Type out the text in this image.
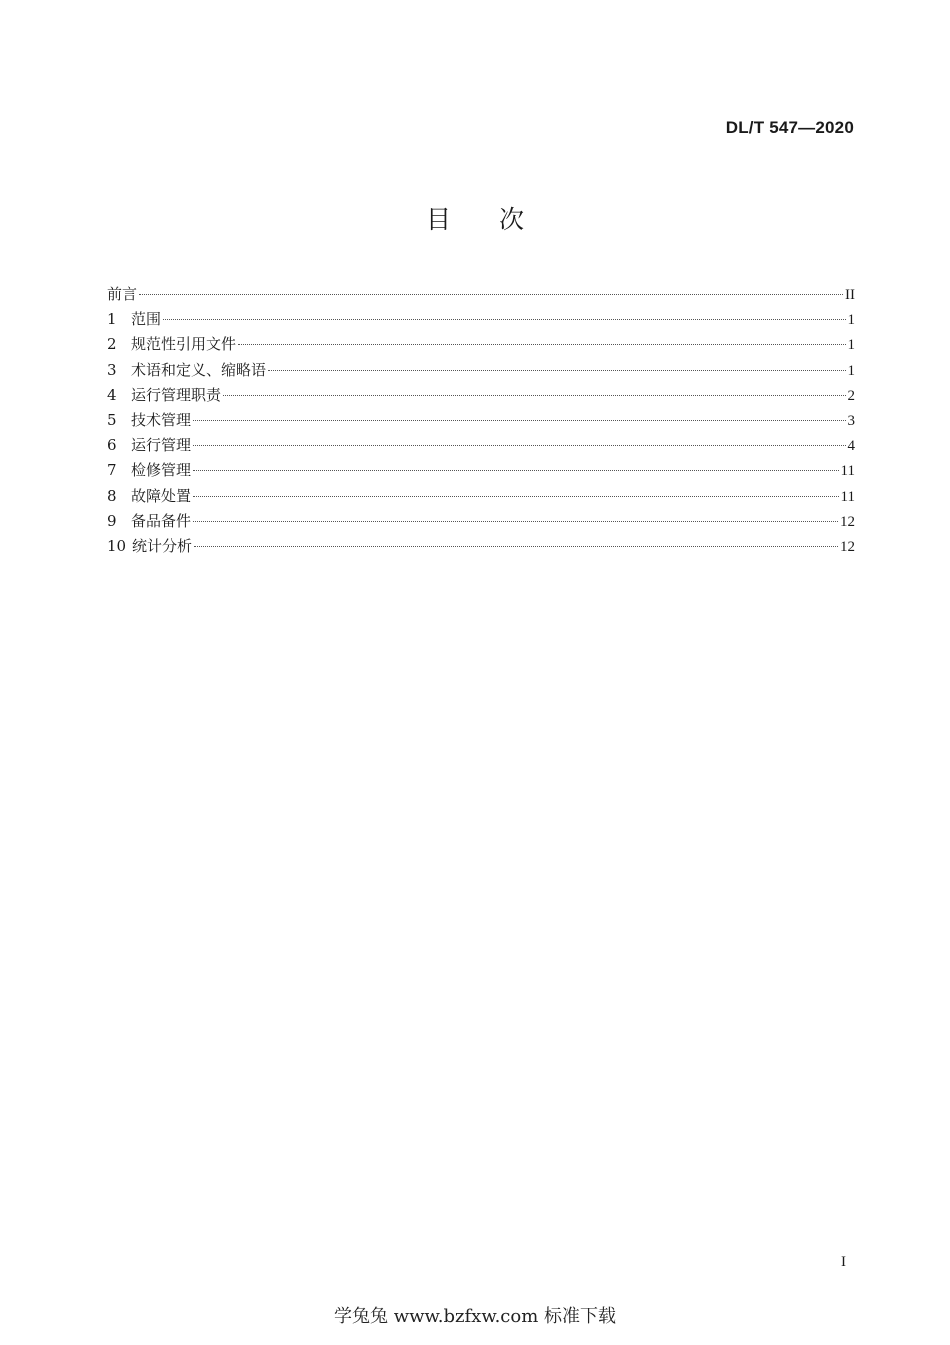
DL/T 547—2020
目次
前言	II
1 范围	1
2 规范性引用文件	1
3 术语和定义、缩略语	1
4 运行管理职责	2
5 技术管理	3
6 运行管理	4
7 检修管理	11
8 故障处置	11
9 备品备件	12
10 统计分析	12
I
学兔兔 www.bzfxw.com 标准下载
